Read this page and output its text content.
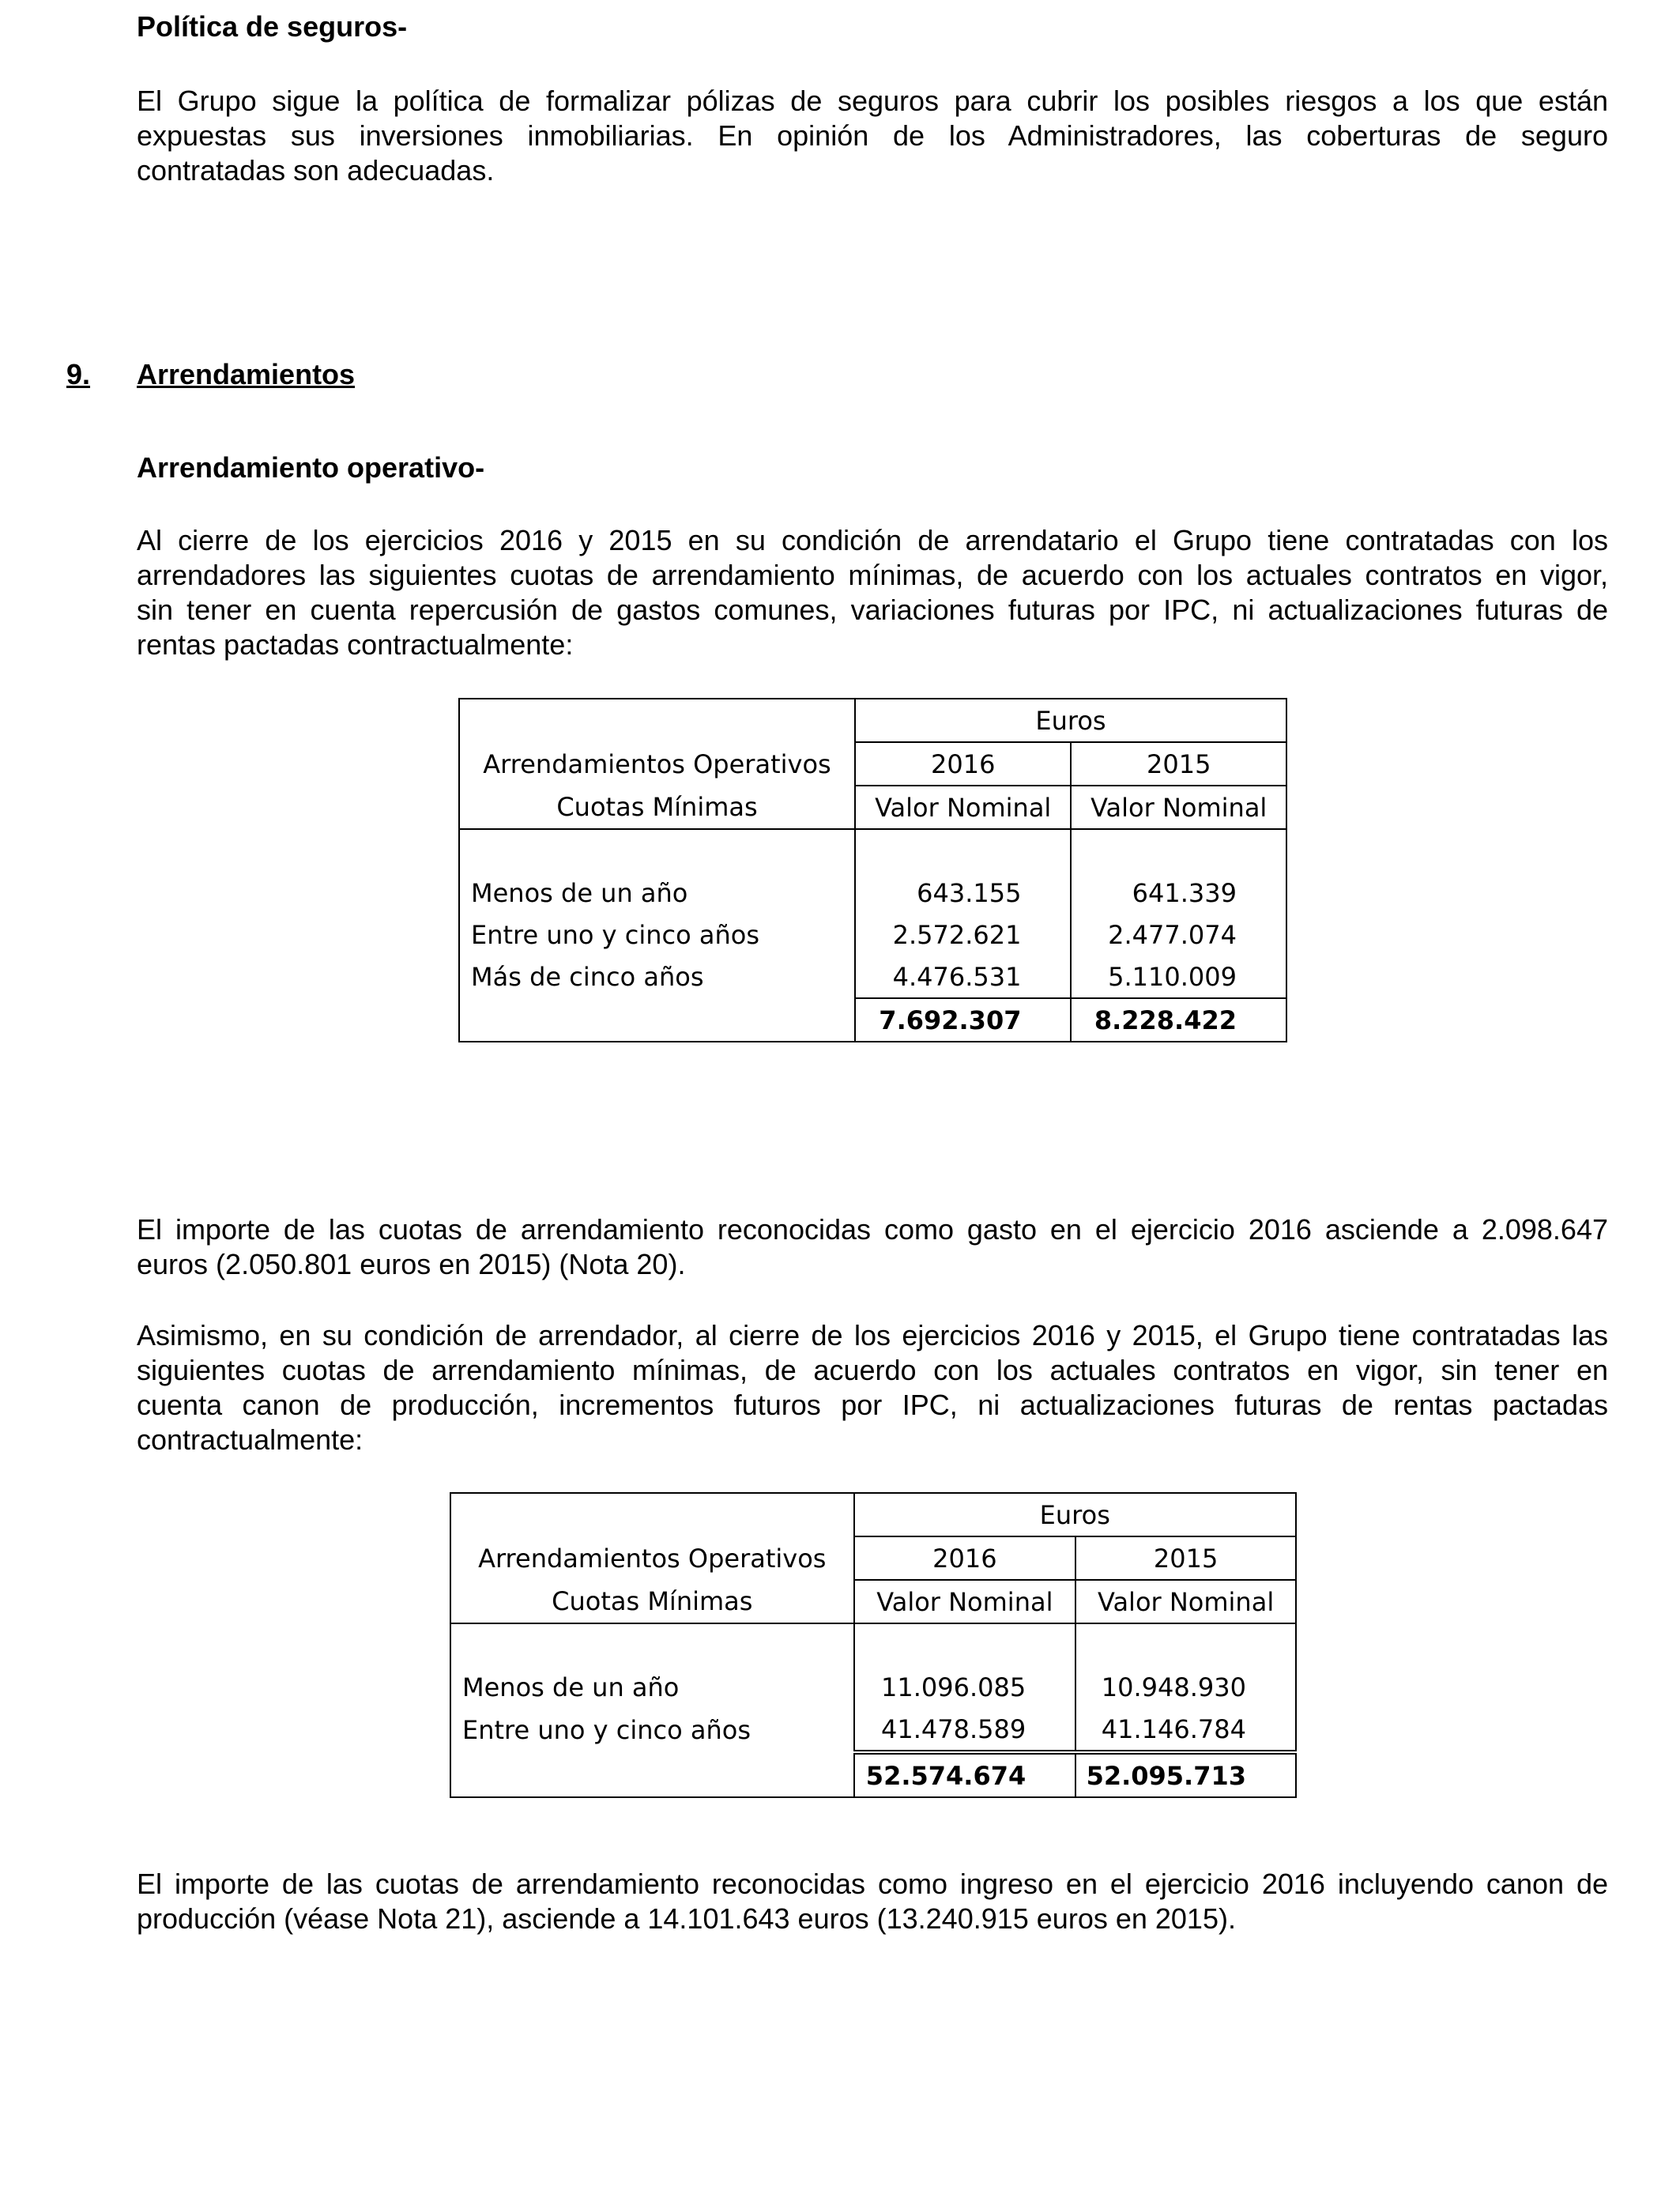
Política de seguros-
El Grupo sigue la política de formalizar pólizas de seguros para cubrir los posibles riesgos a los que están
expuestas sus inversiones inmobiliarias. En opinión de los Administradores, las coberturas de seguro
contratadas son adecuadas.
9. Arrendamientos
Arrendamiento operativo-
Al cierre de los ejercicios 2016 y 2015 en su condición de arrendatario el Grupo tiene contratadas con los
arrendadores las siguientes cuotas de arrendamiento mínimas, de acuerdo con los actuales contratos en vigor,
sin tener en cuenta repercusión de gastos comunes, variaciones futuras por IPC, ni actualizaciones futuras de
rentas pactadas contractualmente:
	Euros	
Arrendamientos Operativos	2016	2015
Cuotas Mínimas	Valor Nominal	Valor Nominal

Menos de un año	643.155	641.339
Entre uno y cinco años	2.572.621	2.477.074
Más de cinco años	4.476.531	5.110.009
	7.692.307	8.228.422
El importe de las cuotas de arrendamiento reconocidas como gasto en el ejercicio 2016 asciende a 2.098.647
euros (2.050.801 euros en 2015) (Nota 20).
Asimismo, en su condición de arrendador, al cierre de los ejercicios 2016 y 2015, el Grupo tiene contratadas las
siguientes cuotas de arrendamiento mínimas, de acuerdo con los actuales contratos en vigor, sin tener en
cuenta canon de producción, incrementos futuros por IPC, ni actualizaciones futuras de rentas pactadas
contractualmente:
	Euros	
Arrendamientos Operativos	2016	2015
Cuotas Mínimas	Valor Nominal	Valor Nominal

Menos de un año	11.096.085	10.948.930
Entre uno y cinco años	41.478.589	41.146.784
	52.574.674	52.095.713
El importe de las cuotas de arrendamiento reconocidas como ingreso en el ejercicio 2016 incluyendo canon de
producción (véase Nota 21), asciende a 14.101.643 euros (13.240.915 euros en 2015).
